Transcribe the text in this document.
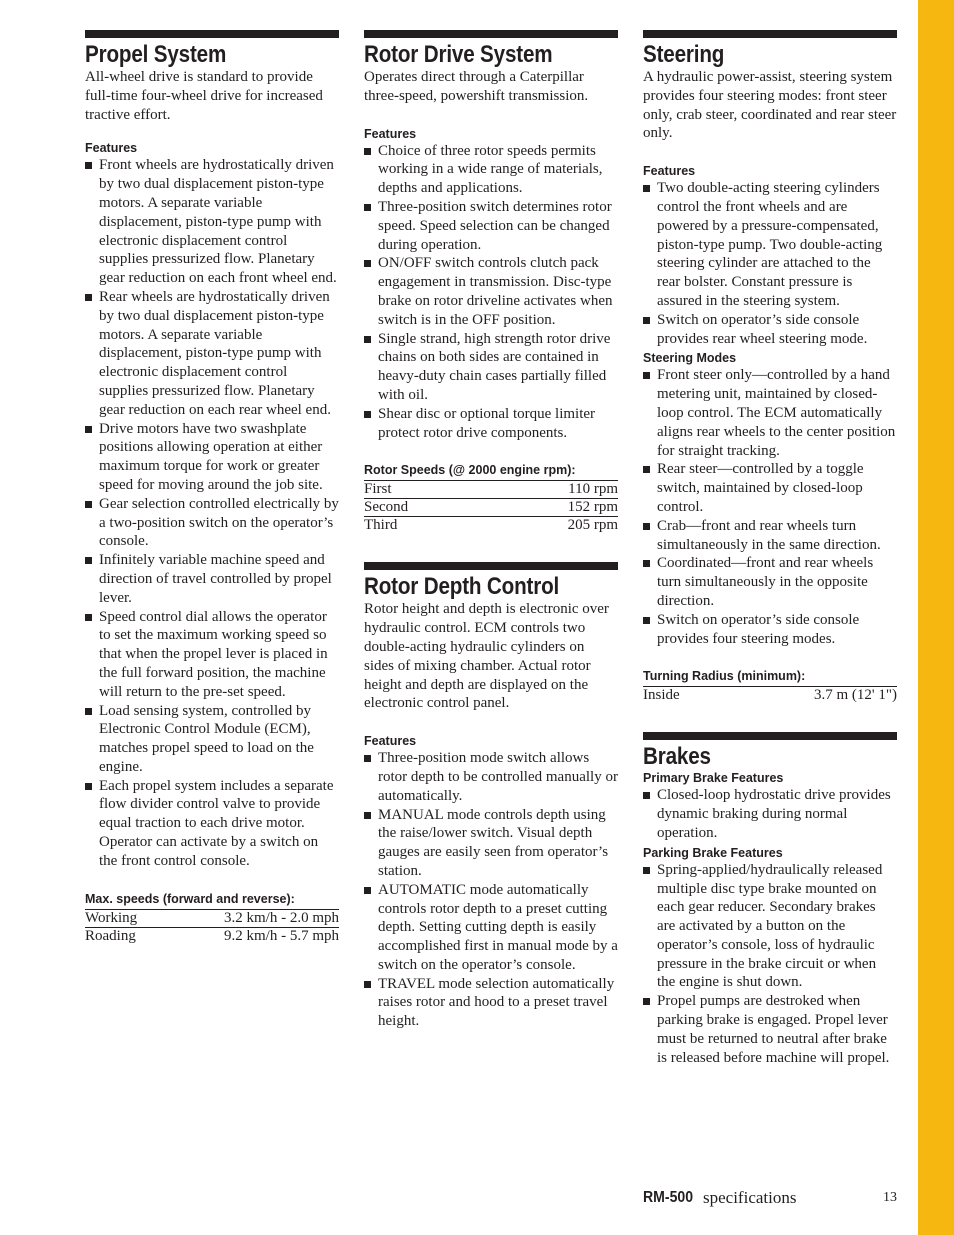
Propel System

All-wheel drive is standard to provide full-time four-wheel drive for increased tractive effort.

Features
Front wheels are hydrostatically driven by two dual displacement piston-type motors. A separate variable displacement, piston-type pump with electronic displacement control supplies pressurized flow. Planetary gear reduction on each front wheel end.
Rear wheels are hydrostatically driven by two dual displacement piston-type motors. A separate variable displacement, piston-type pump with electronic displacement control supplies pressurized flow. Planetary gear reduction on each rear wheel end.
Drive motors have two swashplate positions allowing operation at either maximum torque for work or greater speed for moving around the job site.
Gear selection controlled electrically by a two-position switch on the operator’s console.
Infinitely variable machine speed and direction of travel controlled by propel lever.
Speed control dial allows the operator to set the maximum working speed so that when the propel lever is placed in the full forward position, the machine will return to the pre-set speed.
Load sensing system, controlled by Electronic Control Module (ECM), matches propel speed to load on the engine.
Each propel system includes a separate flow divider control valve to provide equal traction to each drive motor. Operator can activate by a switch on the front control console.
Max. speeds (forward and reverse):
Working	3.2 km/h - 2.0 mph
Roading	9.2 km/h - 5.7 mph
Rotor Drive System

Operates direct through a Caterpillar three-speed, powershift transmission.

Features
Choice of three rotor speeds permits working in a wide range of materials, depths and applications.
Three-position switch determines rotor speed. Speed selection can be changed during operation.
ON/OFF switch controls clutch pack engagement in transmission. Disc-type brake on rotor driveline activates when switch is in the OFF position.
Single strand, high strength rotor drive chains on both sides are contained in heavy-duty chain cases partially filled with oil.
Shear disc or optional torque limiter protect rotor drive components.
Rotor Speeds (@ 2000 engine rpm):
First	110 rpm
Second	152 rpm
Third	205 rpm
Rotor Depth Control

Rotor height and depth is electronic over hydraulic control. ECM controls two double-acting hydraulic cylinders on sides of mixing chamber. Actual rotor height and depth are displayed on the electronic control panel.

Features
Three-position mode switch allows rotor depth to be controlled manually or automatically.
MANUAL mode controls depth using the raise/lower switch. Visual depth gauges are easily seen from operator’s station.
AUTOMATIC mode automatically controls rotor depth to a preset cutting depth. Setting cutting depth is easily accomplished first in manual mode by a switch on the operator’s console.
TRAVEL mode selection automatically raises rotor and hood to a preset travel height.
Steering

A hydraulic power-assist, steering system provides four steering modes: front steer only, crab steer, coordinated and rear steer only.

Features
Two double-acting steering cylinders control the front wheels and are powered by a pressure-compensated, piston-type pump. Two double-acting steering cylinder are attached to the rear bolster. Constant pressure is assured in the steering system.
Switch on operator’s side console provides rear wheel steering mode.
Steering Modes
Front steer only—controlled by a hand metering unit, maintained by closed-loop control. The ECM automatically aligns rear wheels to the center position for straight tracking.
Rear steer—controlled by a toggle switch, maintained by closed-loop control.
Crab—front and rear wheels turn simultaneously in the same direction.
Coordinated—front and rear wheels turn simultaneously in the opposite direction.
Switch on operator’s side console provides four steering modes.
Turning Radius (minimum):
Inside	3.7 m (12' 1")
Brakes
Primary Brake Features
Closed-loop hydrostatic drive provides dynamic braking during normal operation.
Parking Brake Features
Spring-applied/hydraulically released multiple disc type brake mounted on each gear reducer. Secondary brakes are activated by a button on the operator’s console, loss of hydraulic pressure in the brake circuit or when the engine is shut down.
Propel pumps are destroked when parking brake is engaged. Propel lever must be returned to neutral after brake is released before machine will propel.
RM-500 specifications	13
